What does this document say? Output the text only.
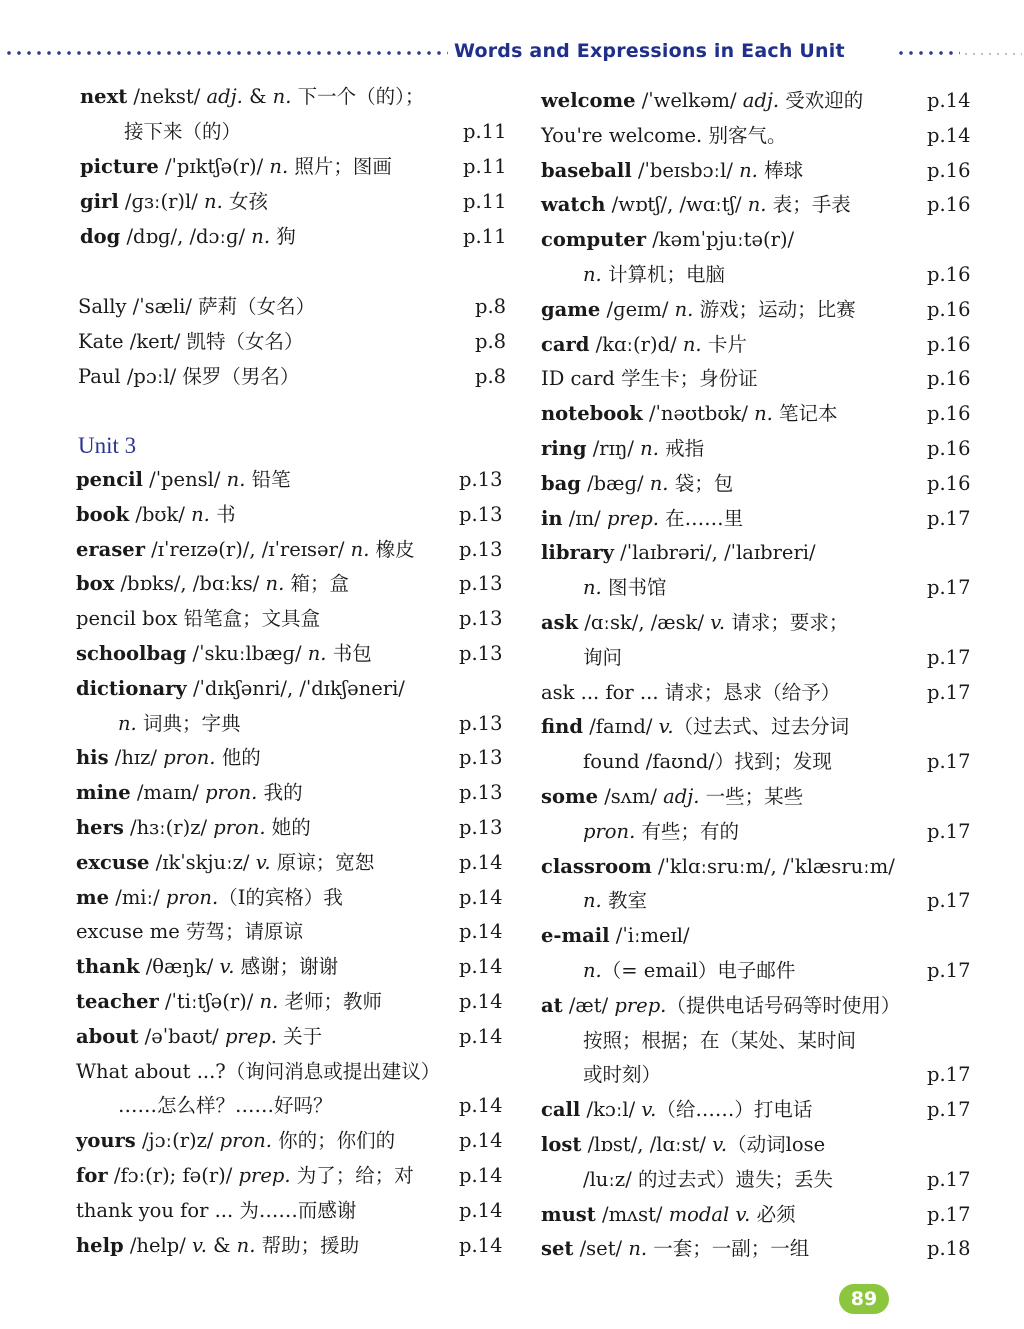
Words and Expressions in Each Unit
next /nekst/ adj. & n. 下一个（的）；
接下来（的）	p.11
picture /ˈpɪktʃə(r)/ n. 照片；图画	p.11
girl /ɡɜː(r)l/ n. 女孩	p.11
dog /dɒɡ/, /dɔːɡ/ n. 狗	p.11
Sally /ˈsæli/ 萨莉（女名）	p.8
Kate /keɪt/ 凯特（女名）	p.8
Paul /pɔːl/ 保罗（男名）	p.8
pencil /ˈpensl/ n. 铅笔	p.13
book /bʊk/ n. 书	p.13
eraser /ɪˈreɪzə(r)/, /ɪˈreɪsər/ n. 橡皮 p.13
box /bɒks/, /bɑːks/ n. 箱；盒	p.13
pencil box 铅笔盒；文具盒	p.13
schoolbag /ˈskuːlbæɡ/ n. 书包	p.13
dictionary /ˈdɪkʃənri/, /ˈdɪkʃəneri/
n. 词典；字典	p.13
his /hɪz/ pron. 他的	p.13
mine /maɪn/ pron. 我的	p.13
hers /hɜː(r)z/ pron. 她的	p.13
excuse /ɪkˈskjuːz/ v. 原谅；宽恕	p.14
me /miː/ pron.（I的宾格）我	p.14
excuse me 劳驾；请原谅	p.14
thank /θæŋk/ v. 感谢；谢谢	p.14
teacher /ˈtiːtʃə(r)/ n. 老师；教师	p.14
about /əˈbaʊt/ prep. 关于	p.14
What about ...?（询问消息或提出建议）
……怎么样？……好吗？	p.14
yours /jɔː(r)z/ pron. 你的；你们的	p.14
for /fɔː(r); fə(r)/ prep. 为了；给；对 p.14
thank you for ... 为……而感谢	p.14
help /help/ v. & n. 帮助；援助	p.14
Unit 3
welcome /ˈwelkəm/ adj. 受欢迎的	p.14
You're welcome. 别客气。	p.14
baseball /ˈbeɪsbɔːl/ n. 棒球	p.16
watch /wɒtʃ/, /wɑːtʃ/ n. 表；手表	p.16
computer /kəmˈpjuːtə(r)/
n. 计算机；电脑	p.16
game /ɡeɪm/ n. 游戏；运动；比赛	p.16
card /kɑː(r)d/ n. 卡片	p.16
ID card 学生卡；身份证	p.16
notebook /ˈnəʊtbʊk/ n. 笔记本	p.16
ring /rɪŋ/ n. 戒指	p.16
bag /bæɡ/ n. 袋；包	p.16
in /ɪn/ prep. 在……里	p.17
library /ˈlaɪbrəri/, /ˈlaɪbreri/
n. 图书馆	p.17
ask /ɑːsk/, /æsk/ v. 请求；要求；
询问	p.17
ask ... for ... 请求；恳求（给予）	p.17
find /faɪnd/ v.（过去式、过去分词
found /faʊnd/）找到；发现	p.17
some /sʌm/ adj. 一些；某些
pron. 有些；有的	p.17
classroom /ˈklɑːsruːm/, /ˈklæsruːm/
n. 教室	p.17
e-mail /ˈiːmeɪl/
n.（= email）电子邮件	p.17
at /æt/ prep.（提供电话号码等时使用）
按照；根据；在（某处、某时间
或时刻）	p.17
call /kɔːl/ v.（给……）打电话	p.17
lost /lɒst/, /lɑːst/ v.（动词lose
/luːz/ 的过去式）遗失；丢失	p.17
must /mʌst/ modal v. 必须	p.17
set /set/ n. 一套；一副；一组	p.18
89
